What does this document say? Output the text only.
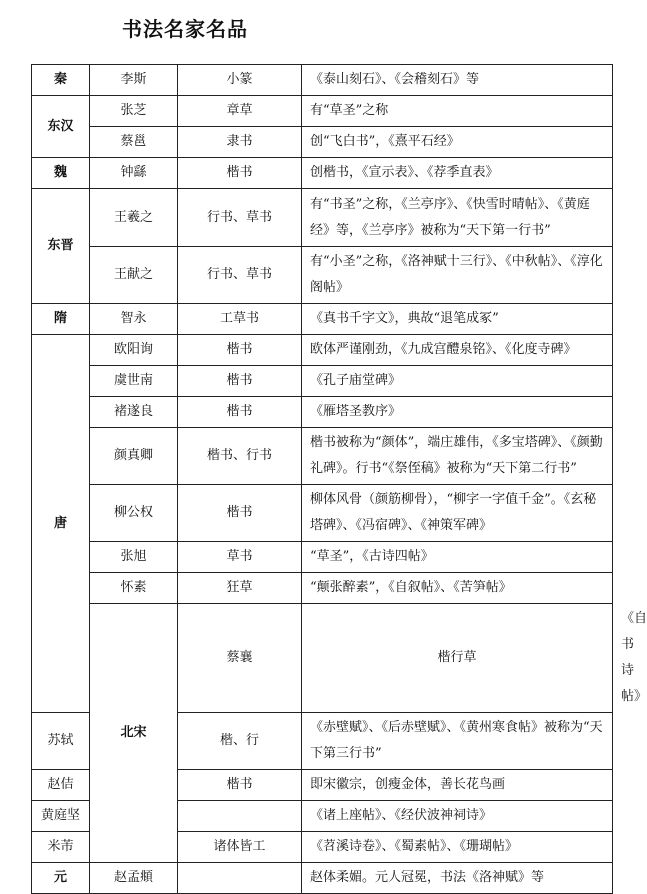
书法名家名品
秦	李斯	小篆	《泰山刻石》、《会稽刻石》等	
东汉	张芝	章草	有“草圣”之称	
	蔡邕	隶书	创“飞白书”，《熹平石经》	
魏	钟繇	楷书	创楷书，《宣示表》、《荐季直表》	
东晋	王羲之	行书、草书	有“书圣”之称，《兰亭序》、《快雪时晴帖》、《黄庭经》等，《兰亭序》被称为“天下第一行书”	
	王献之	行书、草书	有“小圣”之称，《洛神赋十三行》、《中秋帖》、《淳化阁帖》	
隋	智永	工草书	《真书千字文》，典故“退笔成冢”	
唐	欧阳询	楷书	欧体严谨刚劲，《九成宫醴泉铭》、《化度寺碑》	
	虞世南	楷书	《孔子庙堂碑》	
	褚遂良	楷书	《雁塔圣教序》	
	颜真卿	楷书、行书	楷书被称为“颜体”，端庄雄伟，《多宝塔碑》、《颜勤礼碑》。行书“《祭侄稿》被称为“天下第二行书”	
	柳公权	楷书	柳体风骨（颜筋柳骨），“柳字一字值千金”。《玄秘塔碑》、《冯宿碑》、《神策军碑》	
	张旭	草书	“草圣”，《古诗四帖》	
	怀素	狂草	“颠张醉素”，《自叙帖》、《苦笋帖》	
	北宋	蔡襄	楷行草	《自书诗帖》
苏轼		楷、行	《赤壁赋》、《后赤壁赋》、《黄州寒食帖》被称为“天下第三行书”	
赵佶		楷书	即宋徽宗，创瘦金体，善长花鸟画	
黄庭坚			《诸上座帖》、《经伏波神祠诗》	
米芾		诸体皆工	《苕溪诗卷》、《蜀素帖》、《珊瑚帖》	
元	赵孟頫		赵体柔媚。元人冠冕，书法《洛神赋》等	
